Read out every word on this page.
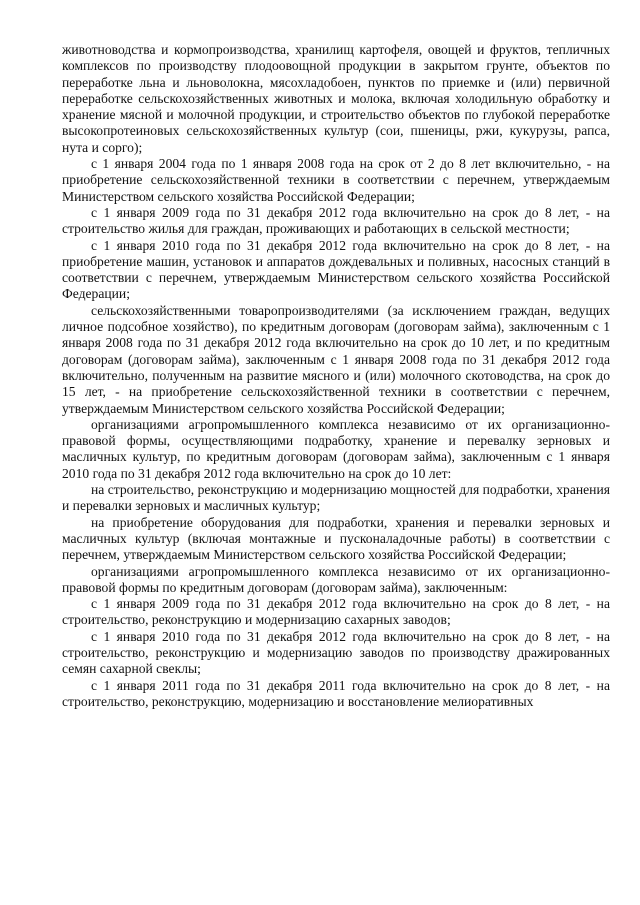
животноводства и кормопроизводства, хранилищ картофеля, овощей и фруктов, тепличных комплексов по производству плодоовощной продукции в закрытом грунте, объектов по переработке льна и льноволокна, мясохладобоен, пунктов по приемке и (или) первичной переработке сельскохозяйственных животных и молока, включая холодильную обработку и хранение мясной и молочной продукции, и строительство объектов по глубокой переработке высокопротеиновых сельскохозяйственных культур (сои, пшеницы, ржи, кукурузы, рапса, нута и сорго);

с 1 января 2004 года по 1 января 2008 года на срок от 2 до 8 лет включительно, - на приобретение сельскохозяйственной техники в соответствии с перечнем, утверждаемым Министерством сельского хозяйства Российской Федерации;

с 1 января 2009 года по 31 декабря 2012 года включительно на срок до 8 лет, - на строительство жилья для граждан, проживающих и работающих в сельской местности;

с 1 января 2010 года по 31 декабря 2012 года включительно на срок до 8 лет, - на приобретение машин, установок и аппаратов дождевальных и поливных, насосных станций в соответствии с перечнем, утверждаемым Министерством сельского хозяйства Российской Федерации;

сельскохозяйственными товаропроизводителями (за исключением граждан, ведущих личное подсобное хозяйство), по кредитным договорам (договорам займа), заключенным с 1 января 2008 года по 31 декабря 2012 года включительно на срок до 10 лет, и по кредитным договорам (договорам займа), заключенным с 1 января 2008 года по 31 декабря 2012 года включительно, полученным на развитие мясного и (или) молочного скотоводства, на срок до 15 лет, - на приобретение сельскохозяйственной техники в соответствии с перечнем, утверждаемым Министерством сельского хозяйства Российской Федерации;

организациями агропромышленного комплекса независимо от их организационно-правовой формы, осуществляющими подработку, хранение и перевалку зерновых и масличных культур, по кредитным договорам (договорам займа), заключенным с 1 января 2010 года по 31 декабря 2012 года включительно на срок до 10 лет:

на строительство, реконструкцию и модернизацию мощностей для подработки, хранения и перевалки зерновых и масличных культур;

на приобретение оборудования для подработки, хранения и перевалки зерновых и масличных культур (включая монтажные и пусконаладочные работы) в соответствии с перечнем, утверждаемым Министерством сельского хозяйства Российской Федерации;

организациями агропромышленного комплекса независимо от их организационно-правовой формы по кредитным договорам (договорам займа), заключенным:

с 1 января 2009 года по 31 декабря 2012 года включительно на срок до 8 лет, - на строительство, реконструкцию и модернизацию сахарных заводов;

с 1 января 2010 года по 31 декабря 2012 года включительно на срок до 8 лет, - на строительство, реконструкцию и модернизацию заводов по производству дражированных семян сахарной свеклы;

с 1 января 2011 года по 31 декабря 2011 года включительно на срок до 8 лет, - на строительство, реконструкцию, модернизацию и восстановление мелиоративных
